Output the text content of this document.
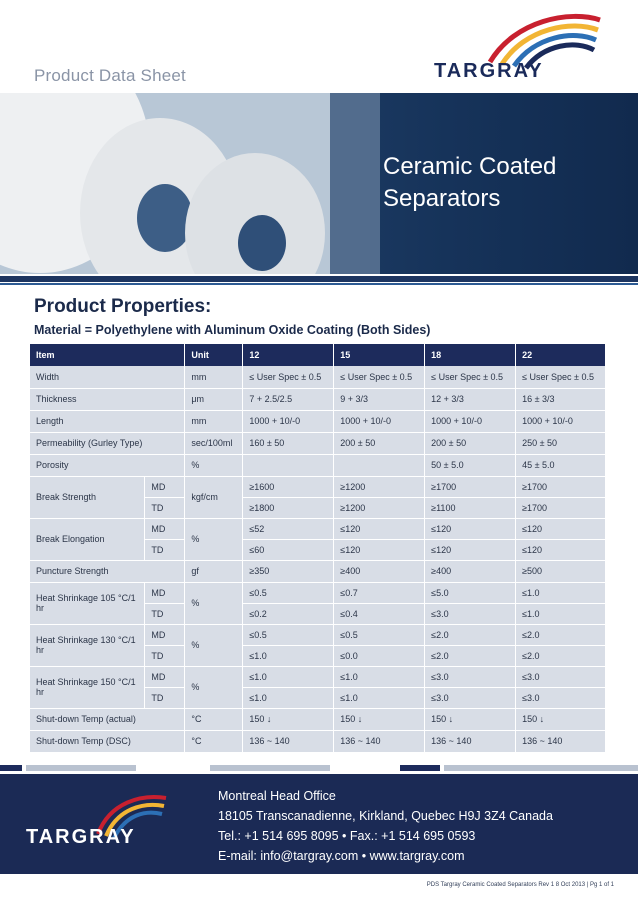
Product Data Sheet	TARGRAY
Ceramic Coated
Separators
Product Properties:
Material = Polyethylene with Aluminum Oxide Coating (Both Sides)
Item		Unit	12	15	18	22
Width		mm	≤ User Spec ± 0.5	≤ User Spec ± 0.5	≤ User Spec ± 0.5	≤ User Spec ± 0.5
Thickness		μm	7 + 2.5/2.5	9 + 3/3	12 + 3/3	16 ± 3/3
Length		mm	1000 + 10/-0	1000 + 10/-0	1000 + 10/-0	1000 + 10/-0
Permeability (Gurley Type)		sec/100ml	160 ± 50	200 ± 50	200 ± 50	250 ± 50
Porosity		%			50 ± 5.0	45 ± 5.0
Break Strength	MD	kgf/cm	≥1600	≥1200	≥1700	≥1700
	TD		≥1800	≥1200	≥1100	≥1700
Break Elongation	MD	%	≤52	≤120	≤120	≤120
	TD		≤60	≤120	≤120	≤120
Puncture Strength		gf	≥350	≥400	≥400	≥500
Heat Shrinkage 105 °C/1 hr	MD	%	≤0.5	≤0.7	≤5.0	≤1.0
	TD		≤0.2	≤0.4	≤3.0	≤1.0
Heat Shrinkage 130 °C/1 hr	MD	%	≤0.5	≤0.5	≤2.0	≤2.0
	TD		≤1.0	≤0.0	≤2.0	≤2.0
Heat Shrinkage 150 °C/1 hr	MD	%	≤1.0	≤1.0	≤3.0	≤3.0
	TD		≤1.0	≤1.0	≤3.0	≤3.0
Shut-down Temp (actual)		°C	150 ↓	150 ↓	150 ↓	150 ↓
Shut-down Temp (DSC)		°C	136 ~ 140	136 ~ 140	136 ~ 140	136 ~ 140
TARGRAY
Montreal Head Office
18105 Transcanadienne, Kirkland, Quebec H9J 3Z4 Canada
Tel.: +1 514 695 8095 • Fax.: +1 514 695 0593
E-mail: info@targray.com • www.targray.com
PDS Targray Ceramic Coated Separators Rev 1 8 Oct 2013 | Pg 1 of 1
